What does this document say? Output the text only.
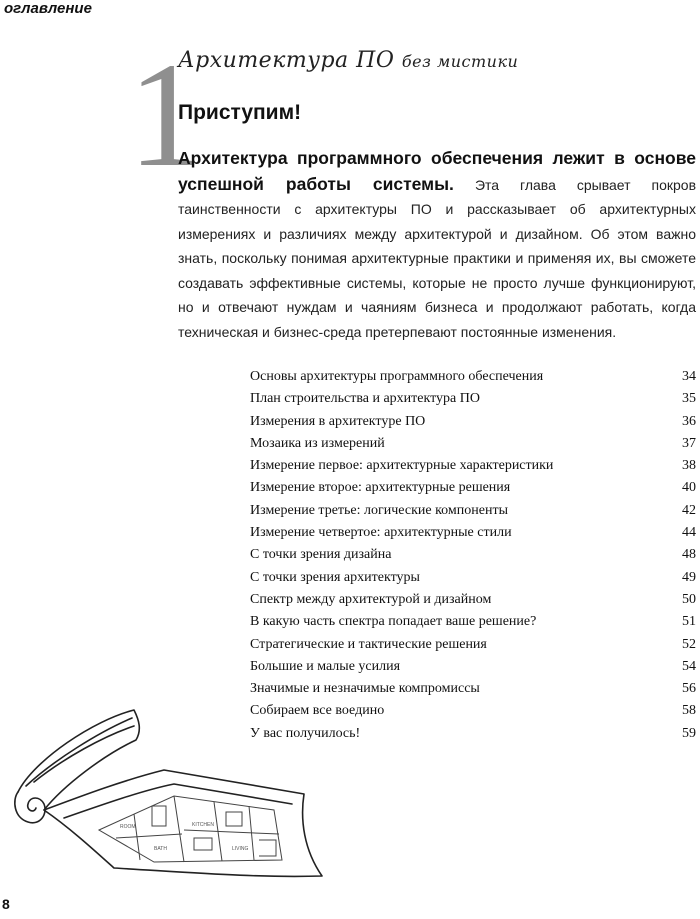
оглавление
1
Архитектура ПО без мистики
Приступим!
Архитектура программного обеспечения лежит в основе успешной работы системы. Эта глава срывает покров таинственности с архитектуры ПО и рассказывает об архитектурных измерениях и различиях между архитектурой и дизайном. Об этом важно знать, поскольку понимая архитектурные практики и применяя их, вы сможете создавать эффективные системы, которые не просто лучше функционируют, но и отвечают нуждам и чаяниям бизнеса и продолжают работать, когда техническая и бизнес-среда претерпевают постоянные изменения.
Основы архитектуры программного обеспечения	34
План строительства и архитектура ПО	35
Измерения в архитектуре ПО	36
Мозаика из измерений	37
Измерение первое: архитектурные характеристики	38
Измерение второе: архитектурные решения	40
Измерение третье: логические компоненты	42
Измерение четвертое: архитектурные стили	44
С точки зрения дизайна	48
С точки зрения архитектуры	49
Спектр между архитектурой и дизайном	50
В какую часть спектра попадает ваше решение?	51
Стратегические и тактические решения	52
Большие и малые усилия	54
Значимые и незначимые компромиссы	56
Собираем все воедино	58
У вас получилось!	59
ROOM	KITCHEN
LIVING
BATH
8
